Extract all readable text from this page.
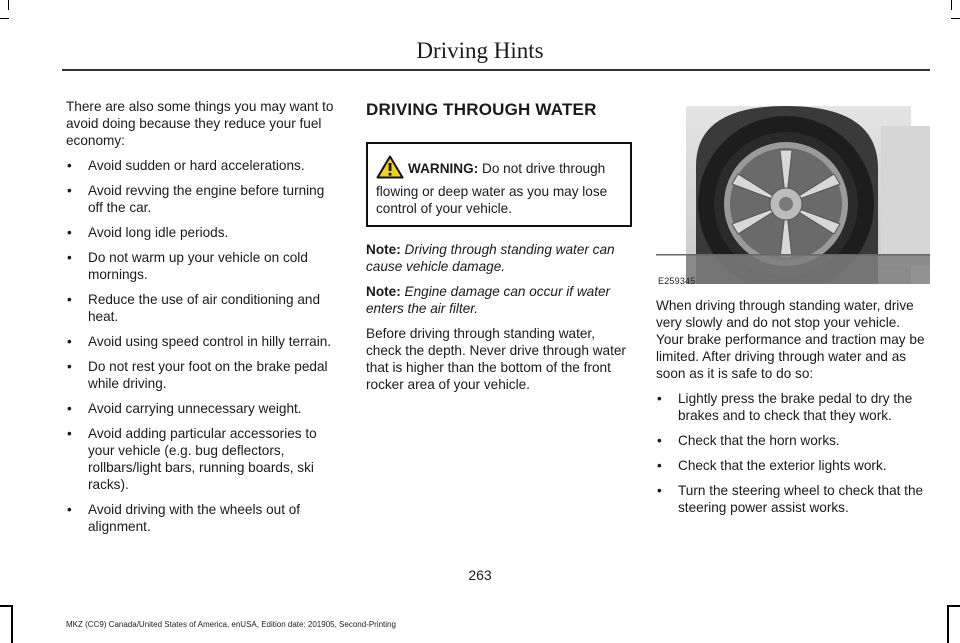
Driving Hints

There are also some things you may want to avoid doing because they reduce your fuel economy:

• Avoid sudden or hard accelerations.
• Avoid revving the engine before turning off the car.
• Avoid long idle periods.
• Do not warm up your vehicle on cold mornings.
• Reduce the use of air conditioning and heat.
• Avoid using speed control in hilly terrain.
• Do not rest your foot on the brake pedal while driving.
• Avoid carrying unnecessary weight.
• Avoid adding particular accessories to your vehicle (e.g. bug deflectors, rollbars/light bars, running boards, ski racks).
• Avoid driving with the wheels out of alignment.
DRIVING THROUGH WATER
WARNING: Do not drive through flowing or deep water as you may lose control of your vehicle.

Note: Driving through standing water can cause vehicle damage.

Note: Engine damage can occur if water enters the air filter.

Before driving through standing water, check the depth. Never drive through water that is higher than the bottom of the front rocker area of your vehicle.

E259345

When driving through standing water, drive very slowly and do not stop your vehicle. Your brake performance and traction may be limited. After driving through water and as soon as it is safe to do so:

• Lightly press the brake pedal to dry the brakes and to check that they work.
• Check that the horn works.
• Check that the exterior lights work.
• Turn the steering wheel to check that the steering power assist works.
263
MKZ (CC9) Canada/United States of America, enUSA, Edition date: 201905, Second-Printing
